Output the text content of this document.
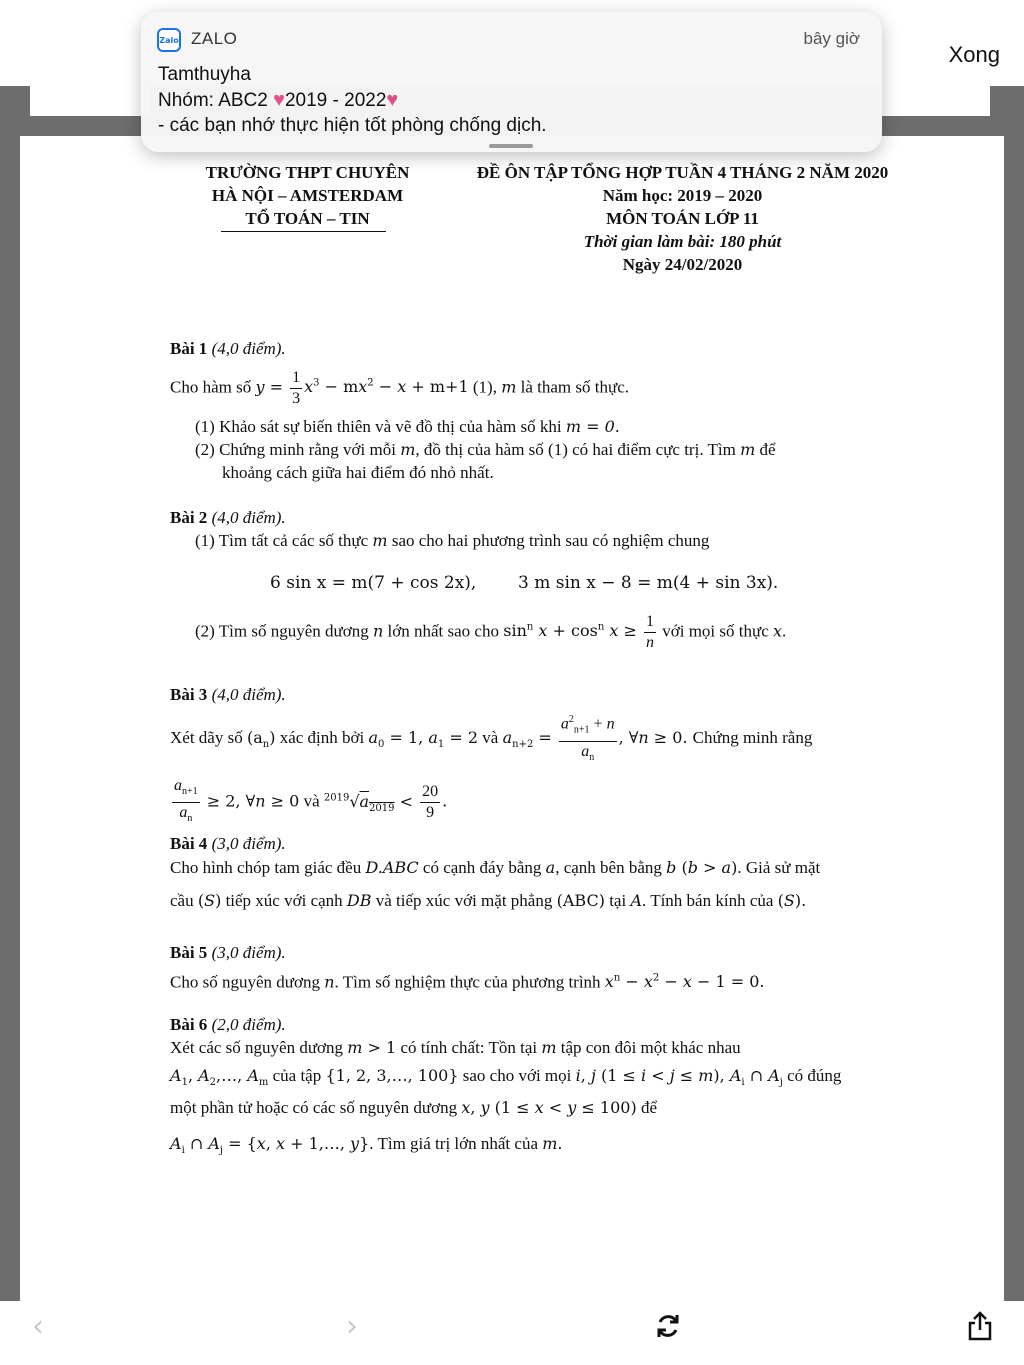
Xong
TRƯỜNG THPT CHUYÊN
HÀ NỘI – AMSTERDAM
TỔ TOÁN – TIN
ĐỀ ÔN TẬP TỔNG HỢP TUẦN 4 THÁNG 2 NĂM 2020
Năm học: 2019 – 2020
MÔN TOÁN LỚP 11
Thời gian làm bài: 180 phút
Ngày 24/02/2020
Bài 1 (4,0 điểm).
Cho hàm số $y = \frac{1}{3} x^3 - mx^2 - x + m+1$ (1), m là tham số thực.
(1) Khảo sát sự biến thiên và vẽ đồ thị của hàm số khi m = 0.
(2) Chứng minh rằng với mỗi m, đồ thị của hàm số (1) có hai điểm cực trị. Tìm m để
khoảng cách giữa hai điểm đó nhỏ nhất.
Bài 2 (4,0 điểm).
(1) Tìm tất cả các số thực m sao cho hai phương trình sau có nghiệm chung
6 sin x = m(7 + cos 2x), 3 m sin x − 8 = m(4 + sin 3x).
(2) Tìm số nguyên dương n lớn nhất sao cho $\sin^n x + \cos^n x \ge \frac{1}{n}$ với mọi số thực x.
Bài 3 (4,0 điểm).
Xét dãy số $(a_n)$ xác định bởi $a_0 = 1$, $a_1 = 2$ và $a_{n+2} = \frac{a^2_{n+1} + n}{a_n}$ , ∀n ≥ 0. Chứng minh rằng
$\frac{a_{n+1}}{a_n} \ge 2$, ∀n ≥ 0 và $^{2019}√a_{2019} < \frac{20}{9}$ .
Bài 4 (3,0 điểm).
Cho hình chóp tam giác đều D.ABC có cạnh đáy bằng a, cạnh bên bằng b (b > a). Giả sử mặt
cầu (S) tiếp xúc với cạnh DB và tiếp xúc với mặt phẳng (ABC) tại A. Tính bán kính của (S).
Bài 5 (3,0 điểm).
Cho số nguyên dương n. Tìm số nghiệm thực của phương trình $x^n - x^2 - x - 1 = 0$.
Bài 6 (2,0 điểm).
Xét các số nguyên dương m > 1 có tính chất: Tồn tại m tập con đôi một khác nhau
$A_1$, $A_2,\dots$, $A_m$ của tập {1, 2, 3,…, 100} sao cho với mọi i, j (1 ≤ i < j ≤ m), $A_i$ ∩ $A_j$ có đúng
một phần tử hoặc có các số nguyên dương x, y (1 ≤ x < y ≤ 100) để
$A_i$ ∩ $A_j = \{x$, x + 1,…, y}. Tìm giá trị lớn nhất của m.
Zalo ZALO	bây giờ
Tamthuyha
Nhóm: ABC2 ♥2019 - 2022♥
- các bạn nhớ thực hiện tốt phòng chống dịch.
‹	›
